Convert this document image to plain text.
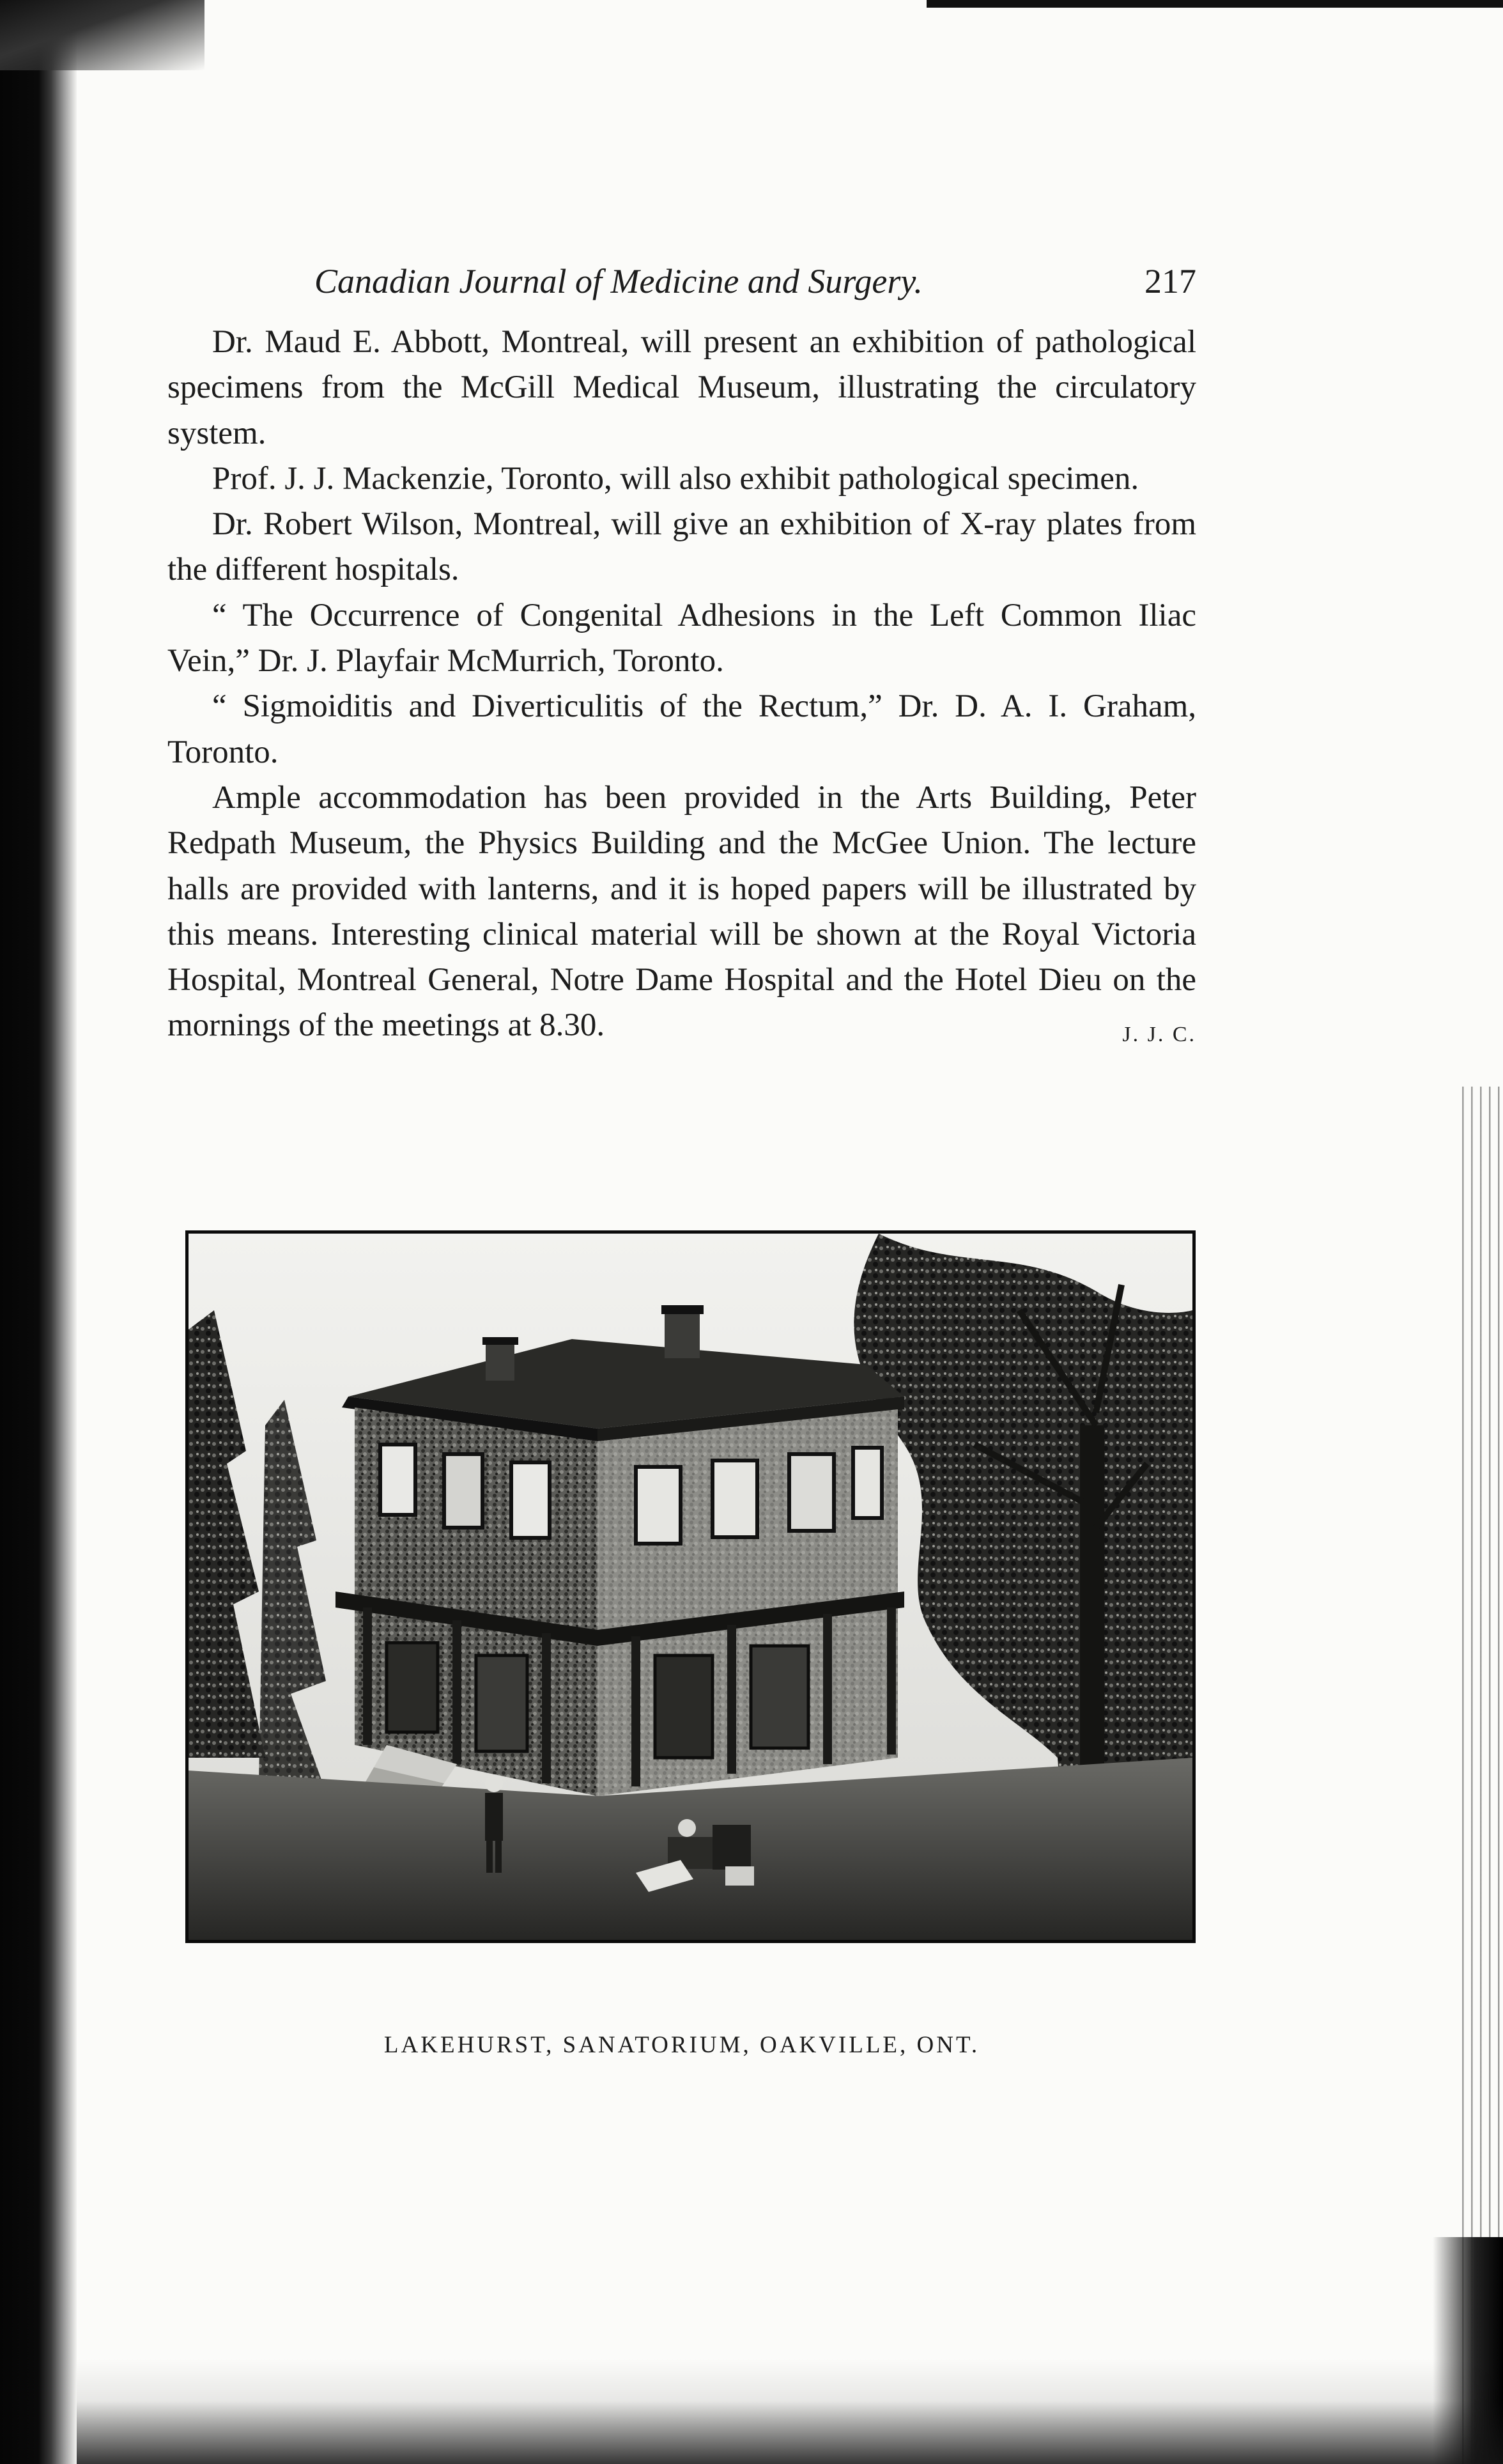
Canadian Journal of Medicine and Surgery.	217

Dr. Maud E. Abbott, Montreal, will present an exhibition of pathological specimens from the McGill Medical Museum, illustrating the circulatory system.

Prof. J. J. Mackenzie, Toronto, will also exhibit pathological specimen.

Dr. Robert Wilson, Montreal, will give an exhibition of X-ray plates from the different hospitals.

“ The Occurrence of Congenital Adhesions in the Left Common Iliac Vein,” Dr. J. Playfair McMurrich, Toronto.

“ Sigmoiditis and Diverticulitis of the Rectum,” Dr. D. A. I. Graham, Toronto.

Ample accommodation has been provided in the Arts Building, Peter Redpath Museum, the Physics Building and the McGee Union. The lecture halls are provided with lanterns, and it is hoped papers will be illustrated by this means. Interesting clinical material will be shown at the Royal Victoria Hospital, Montreal General, Notre Dame Hospital and the Hotel Dieu on the mornings of the meetings at 8.30.	J. J. C.

LAKEHURST, SANATORIUM, OAKVILLE, ONT.
